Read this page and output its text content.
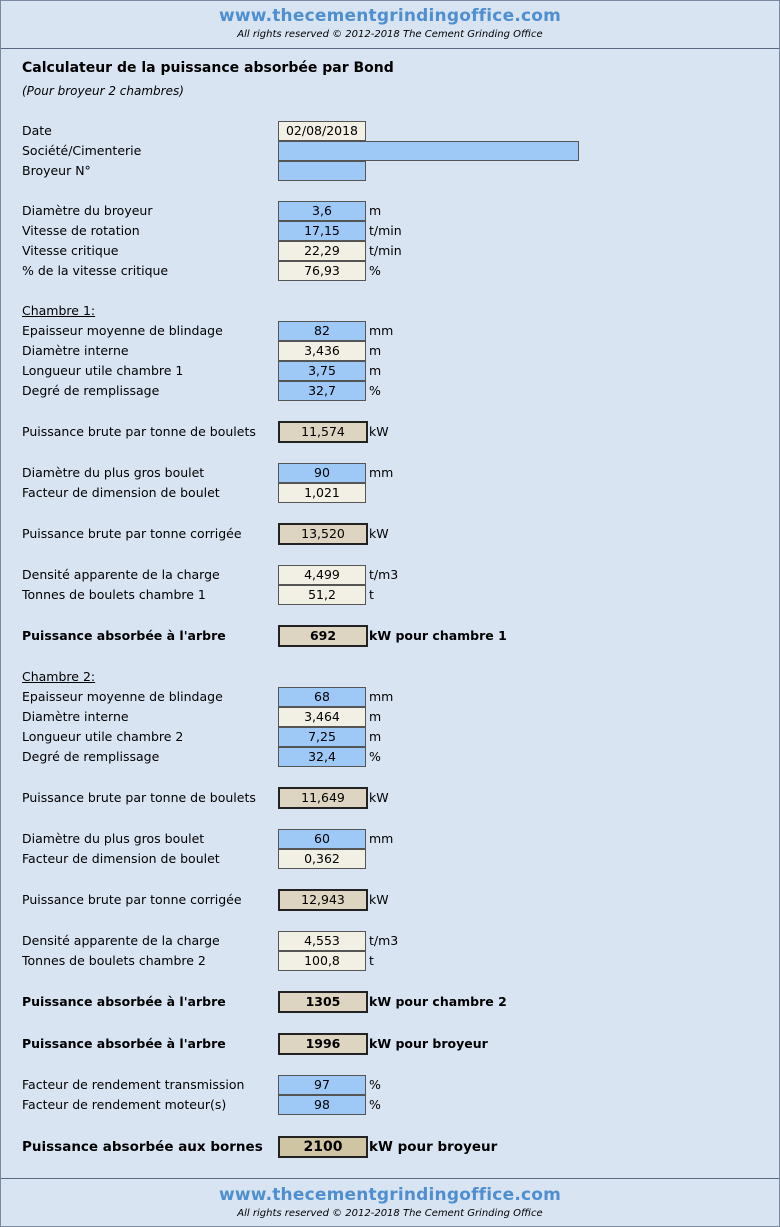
www.thecementgrindingoffice.com
All rights reserved © 2012-2018 The Cement Grinding Office
Calculateur de la puissance absorbée par Bond
(Pour broyeur 2 chambres)
Date	02/08/2018
Société/Cimenterie
Broyeur N°
Diamètre du broyeur	3,6	m
Vitesse de rotation	17,15	t/min
Vitesse critique	22,29	t/min
% de la vitesse critique	76,93	%
Chambre 1:
Epaisseur moyenne de blindage	82	mm
Diamètre interne	3,436	m
Longueur utile chambre 1	3,75	m
Degré de remplissage	32,7	%
Puissance brute par tonne de boulets	11,574	kW
Diamètre du plus gros boulet	90	mm
Facteur de dimension de boulet	1,021
Puissance brute par tonne corrigée	13,520	kW
Densité apparente de la charge	4,499	t/m3
Tonnes de boulets chambre 1	51,2	t
Puissance absorbée à l'arbre	692	kW pour chambre 1
Chambre 2:
Epaisseur moyenne de blindage	68	mm
Diamètre interne	3,464	m
Longueur utile chambre 2	7,25	m
Degré de remplissage	32,4	%
Puissance brute par tonne de boulets	11,649	kW
Diamètre du plus gros boulet	60	mm
Facteur de dimension de boulet	0,362
Puissance brute par tonne corrigée	12,943	kW
Densité apparente de la charge	4,553	t/m3
Tonnes de boulets chambre 2	100,8	t
Puissance absorbée à l'arbre	1305	kW pour chambre 2
Puissance absorbée à l'arbre	1996	kW pour broyeur
Facteur de rendement transmission	97	%
Facteur de rendement moteur(s)	98	%
Puissance absorbée aux bornes	2100	kW pour broyeur
www.thecementgrindingoffice.com
All rights reserved © 2012-2018 The Cement Grinding Office
